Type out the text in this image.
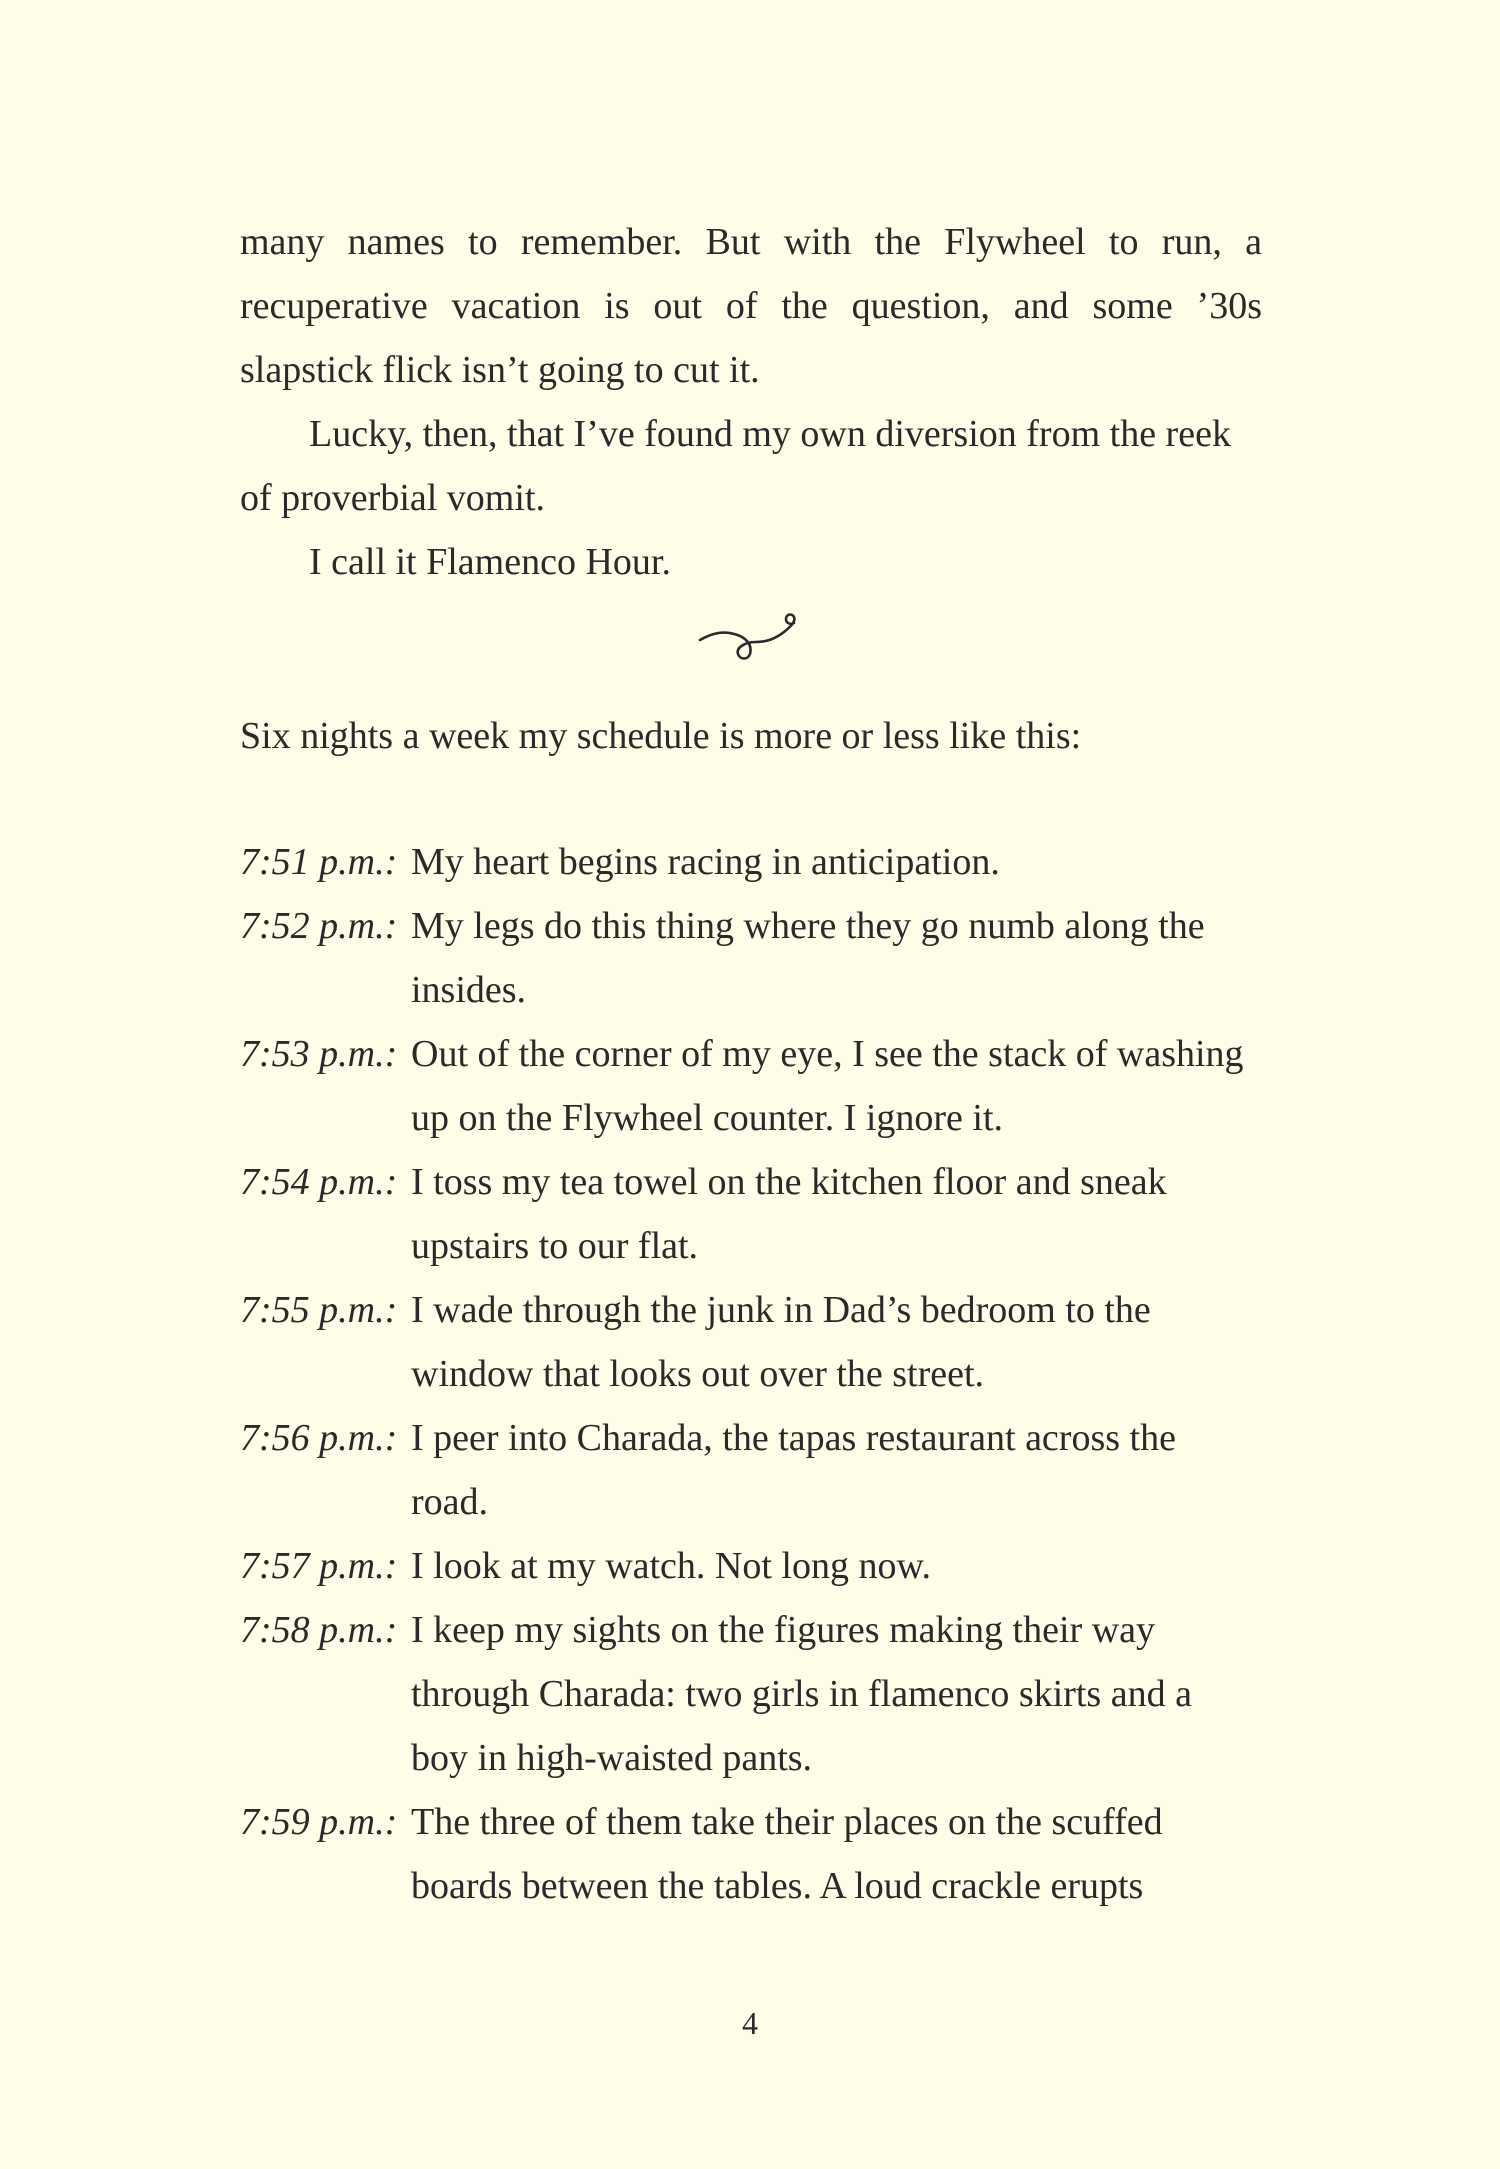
many names to remember. But with the Flywheel to run, a recuperative vacation is out of the question, and some ’30s slapstick flick isn’t going to cut it.

Lucky, then, that I’ve found my own diversion from the reek of proverbial vomit.

I call it Flamenco Hour.

Six nights a week my schedule is more or less like this:

7:51 p.m.: My heart begins racing in anticipation.
7:52 p.m.: My legs do this thing where they go numb along the insides.
7:53 p.m.: Out of the corner of my eye, I see the stack of washing up on the Flywheel counter. I ignore it.
7:54 p.m.: I toss my tea towel on the kitchen floor and sneak upstairs to our flat.
7:55 p.m.: I wade through the junk in Dad’s bedroom to the window that looks out over the street.
7:56 p.m.: I peer into Charada, the tapas restaurant across the road.
7:57 p.m.: I look at my watch. Not long now.
7:58 p.m.: I keep my sights on the figures making their way through Charada: two girls in flamenco skirts and a boy in high-waisted pants.
7:59 p.m.: The three of them take their places on the scuffed boards between the tables. A loud crackle erupts
4
